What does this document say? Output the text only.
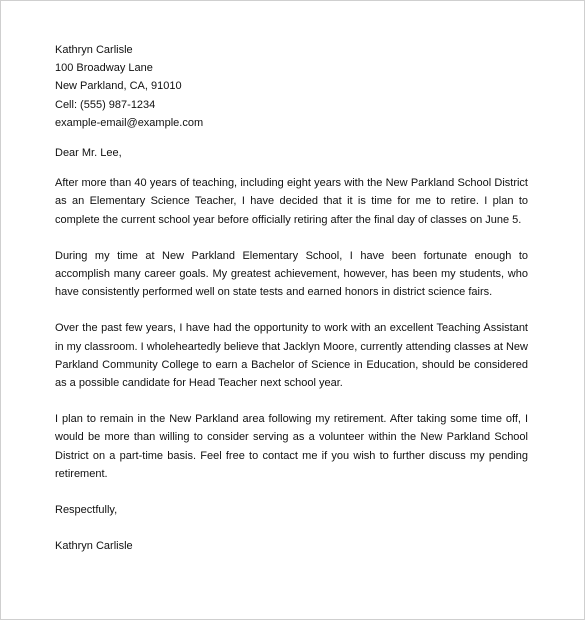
Kathryn Carlisle
100 Broadway Lane
New Parkland, CA, 91010
Cell: (555) 987-1234
example-email@example.com
Dear Mr. Lee,

After more than 40 years of teaching, including eight years with the New Parkland School District as an Elementary Science Teacher, I have decided that it is time for me to retire. I plan to complete the current school year before officially retiring after the final day of classes on June 5.

During my time at New Parkland Elementary School, I have been fortunate enough to accomplish many career goals. My greatest achievement, however, has been my students, who have consistently performed well on state tests and earned honors in district science fairs.

Over the past few years, I have had the opportunity to work with an excellent Teaching Assistant in my classroom. I wholeheartedly believe that Jacklyn Moore, currently attending classes at New Parkland Community College to earn a Bachelor of Science in Education, should be considered as a possible candidate for Head Teacher next school year.

I plan to remain in the New Parkland area following my retirement. After taking some time off, I would be more than willing to consider serving as a volunteer within the New Parkland School District on a part-time basis. Feel free to contact me if you wish to further discuss my pending retirement.

Respectfully,
Kathryn Carlisle
